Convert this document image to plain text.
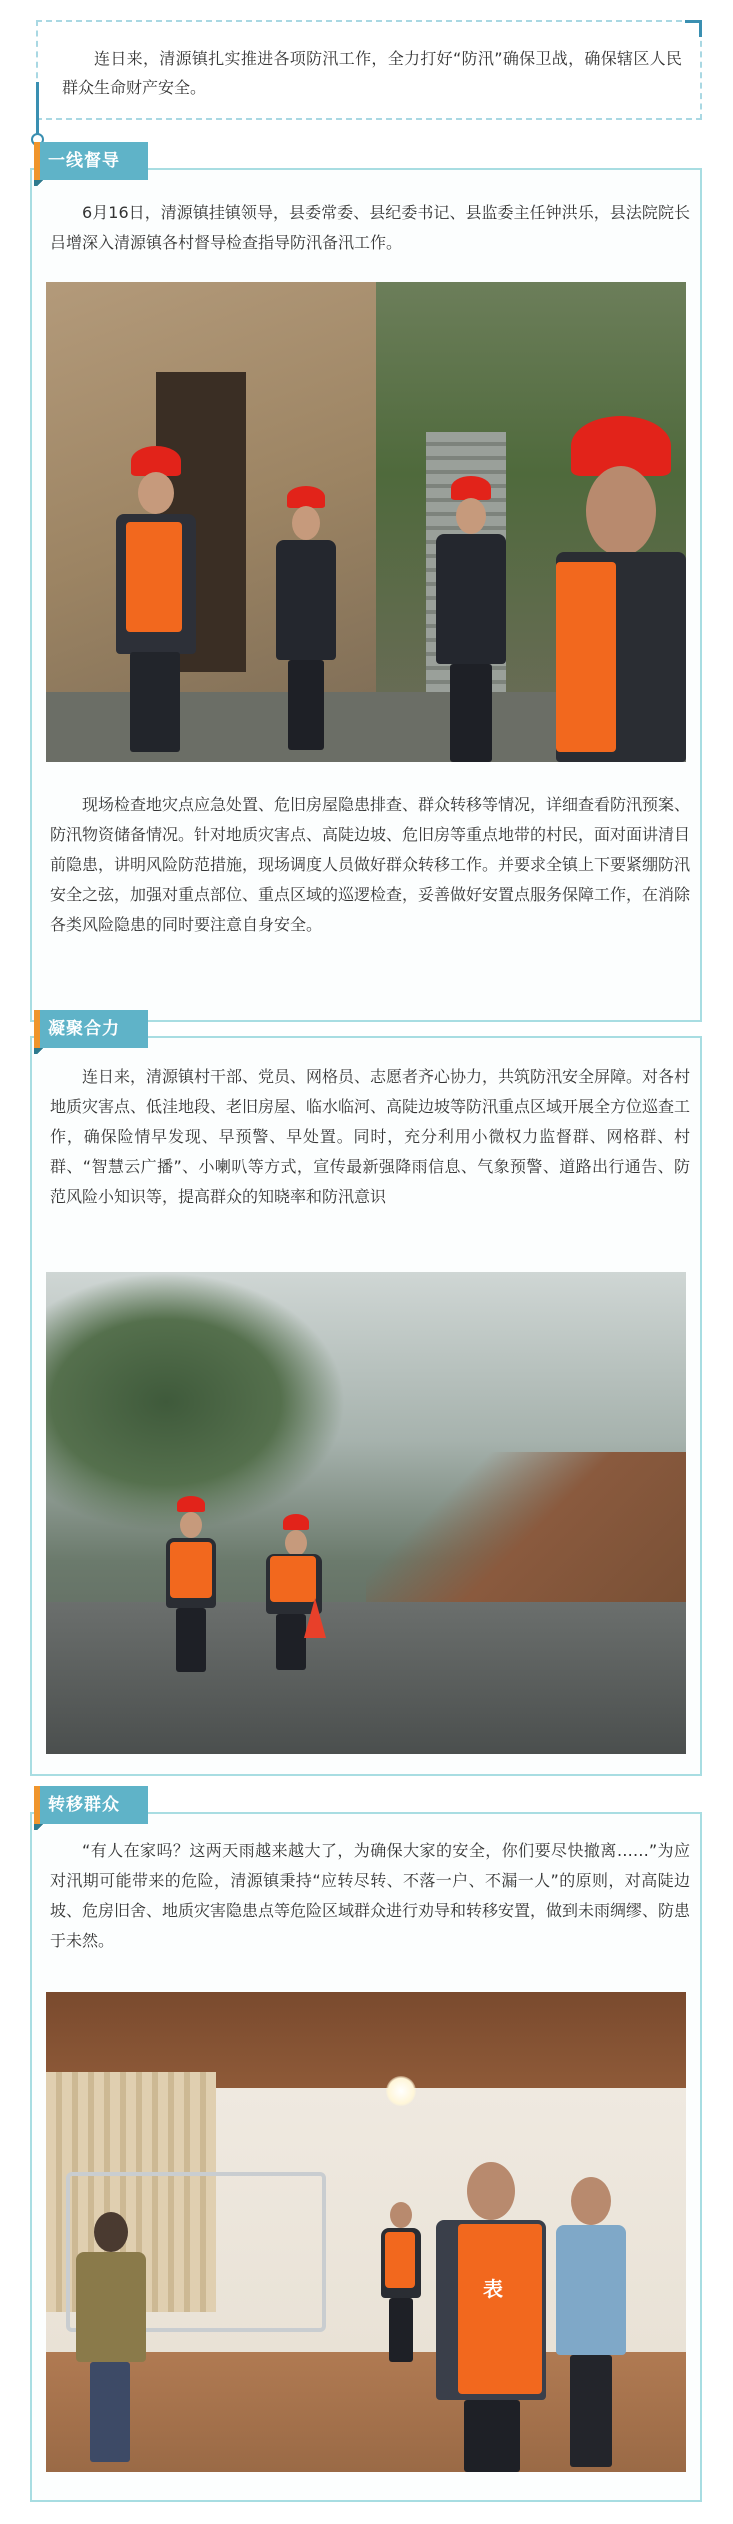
连日来，清源镇扎实推进各项防汛工作，全力打好“防汛”确保卫战，确保辖区人民群众生命财产安全。

一线督导

6月16日，清源镇挂镇领导，县委常委、县纪委书记、县监委主任钟洪乐，县法院院长吕增深入清源镇各村督导检查指导防汛备汛工作。

现场检查地灾点应急处置、危旧房屋隐患排查、群众转移等情况，详细查看防汛预案、防汛物资储备情况。针对地质灾害点、高陡边坡、危旧房等重点地带的村民，面对面讲清目前隐患，讲明风险防范措施，现场调度人员做好群众转移工作。并要求全镇上下要紧绷防汛安全之弦，加强对重点部位、重点区域的巡逻检查，妥善做好安置点服务保障工作，在消除各类风险隐患的同时要注意自身安全。

凝聚合力

连日来，清源镇村干部、党员、网格员、志愿者齐心协力，共筑防汛安全屏障。对各村地质灾害点、低洼地段、老旧房屋、临水临河、高陡边坡等防汛重点区域开展全方位巡查工作，确保险情早发现、早预警、早处置。同时，充分利用小微权力监督群、网格群、村群、“智慧云广播”、小喇叭等方式，宣传最新强降雨信息、气象预警、道路出行通告、防范风险小知识等，提高群众的知晓率和防汛意识

转移群众

“有人在家吗？这两天雨越来越大了，为确保大家的安全，你们要尽快撤离……”为应对汛期可能带来的危险，清源镇秉持“应转尽转、不落一户、不漏一人”的原则，对高陡边坡、危房旧舍、地质灾害隐患点等危险区域群众进行劝导和转移安置，做到未雨绸缪、防患于未然。

表
